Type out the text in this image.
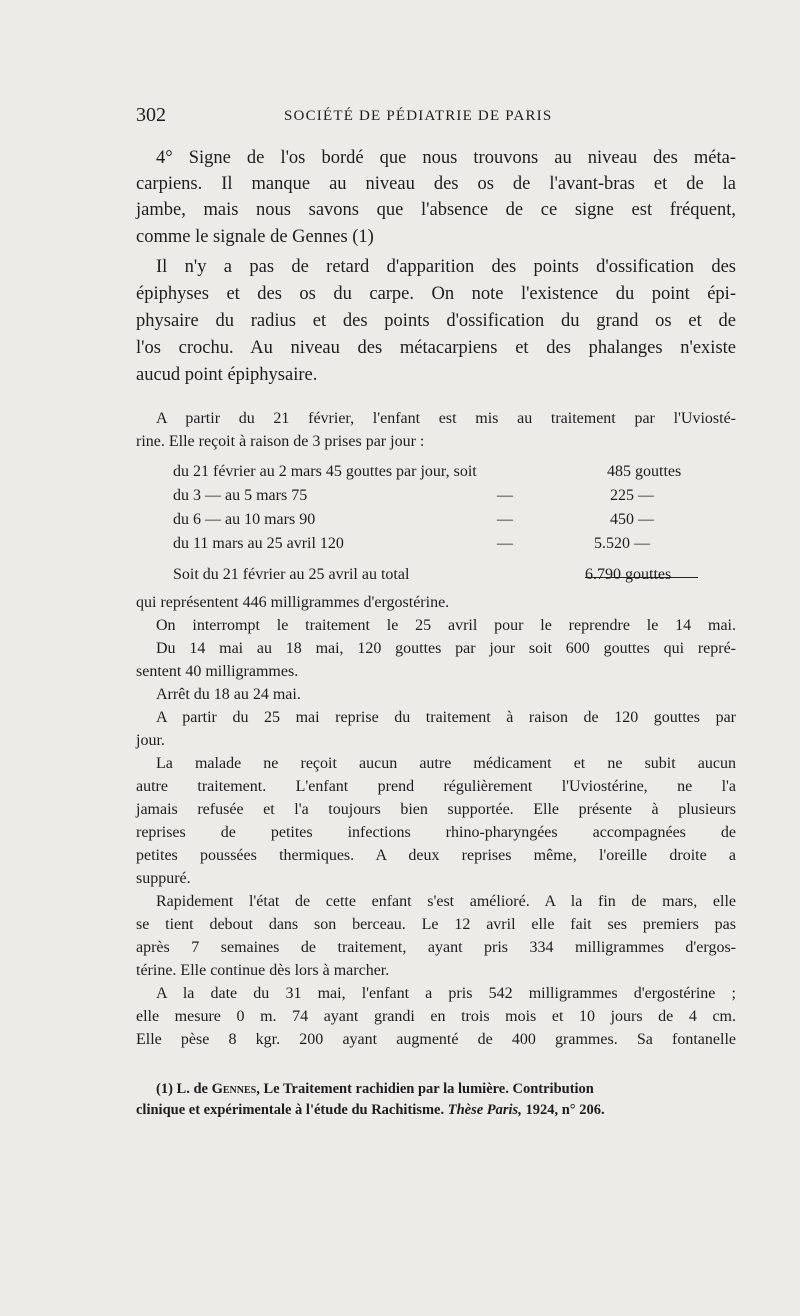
302	SOCIÉTÉ DE PÉDIATRIE DE PARIS
4° Signe de l'os bordé que nous trouvons au niveau des méta-
carpiens. Il manque au niveau des os de l'avant-bras et de la
jambe, mais nous savons que l'absence de ce signe est fréquent,
comme le signale de Gennes (1)
Il n'y a pas de retard d'apparition des points d'ossification des
épiphyses et des os du carpe. On note l'existence du point épi-
physaire du radius et des points d'ossification du grand os et de
l'os crochu. Au niveau des métacarpiens et des phalanges n'existe
aucud point épiphysaire.
A partir du 21 février, l'enfant est mis au traitement par l'Uviosté-
rine. Elle reçoit à raison de 3 prises par jour :
du 21 février au 2 mars 45 gouttes par jour, soit	485 gouttes
du 3 — au 5 mars 75	—	225 —
du 6 — au 10 mars 90	—	450 —
du 11 mars au 25 avril 120	—	5.520 —
Soit du 21 février au 25 avril au total	6.790 gouttes
qui représentent 446 milligrammes d'ergostérine.
On interrompt le traitement le 25 avril pour le reprendre le 14 mai.
Du 14 mai au 18 mai, 120 gouttes par jour soit 600 gouttes qui repré-
sentent 40 milligrammes.
Arrêt du 18 au 24 mai.
A partir du 25 mai reprise du traitement à raison de 120 gouttes par
jour.
La malade ne reçoit aucun autre médicament et ne subit aucun
autre traitement. L'enfant prend régulièrement l'Uviostérine, ne l'a
jamais refusée et l'a toujours bien supportée. Elle présente à plusieurs
reprises de petites infections rhino-pharyngées accompagnées de
petites poussées thermiques. A deux reprises même, l'oreille droite a
suppuré.
Rapidement l'état de cette enfant s'est amélioré. A la fin de mars, elle
se tient debout dans son berceau. Le 12 avril elle fait ses premiers pas
après 7 semaines de traitement, ayant pris 334 milligrammes d'ergos-
térine. Elle continue dès lors à marcher.
A la date du 31 mai, l'enfant a pris 542 milligrammes d'ergostérine ;
elle mesure 0 m. 74 ayant grandi en trois mois et 10 jours de 4 cm.
Elle pèse 8 kgr. 200 ayant augmenté de 400 grammes. Sa fontanelle
(1) L. de Gennes, Le Traitement rachidien par la lumière. Contribution
clinique et expérimentale à l'étude du Rachitisme. Thèse Paris, 1924, n° 206.
